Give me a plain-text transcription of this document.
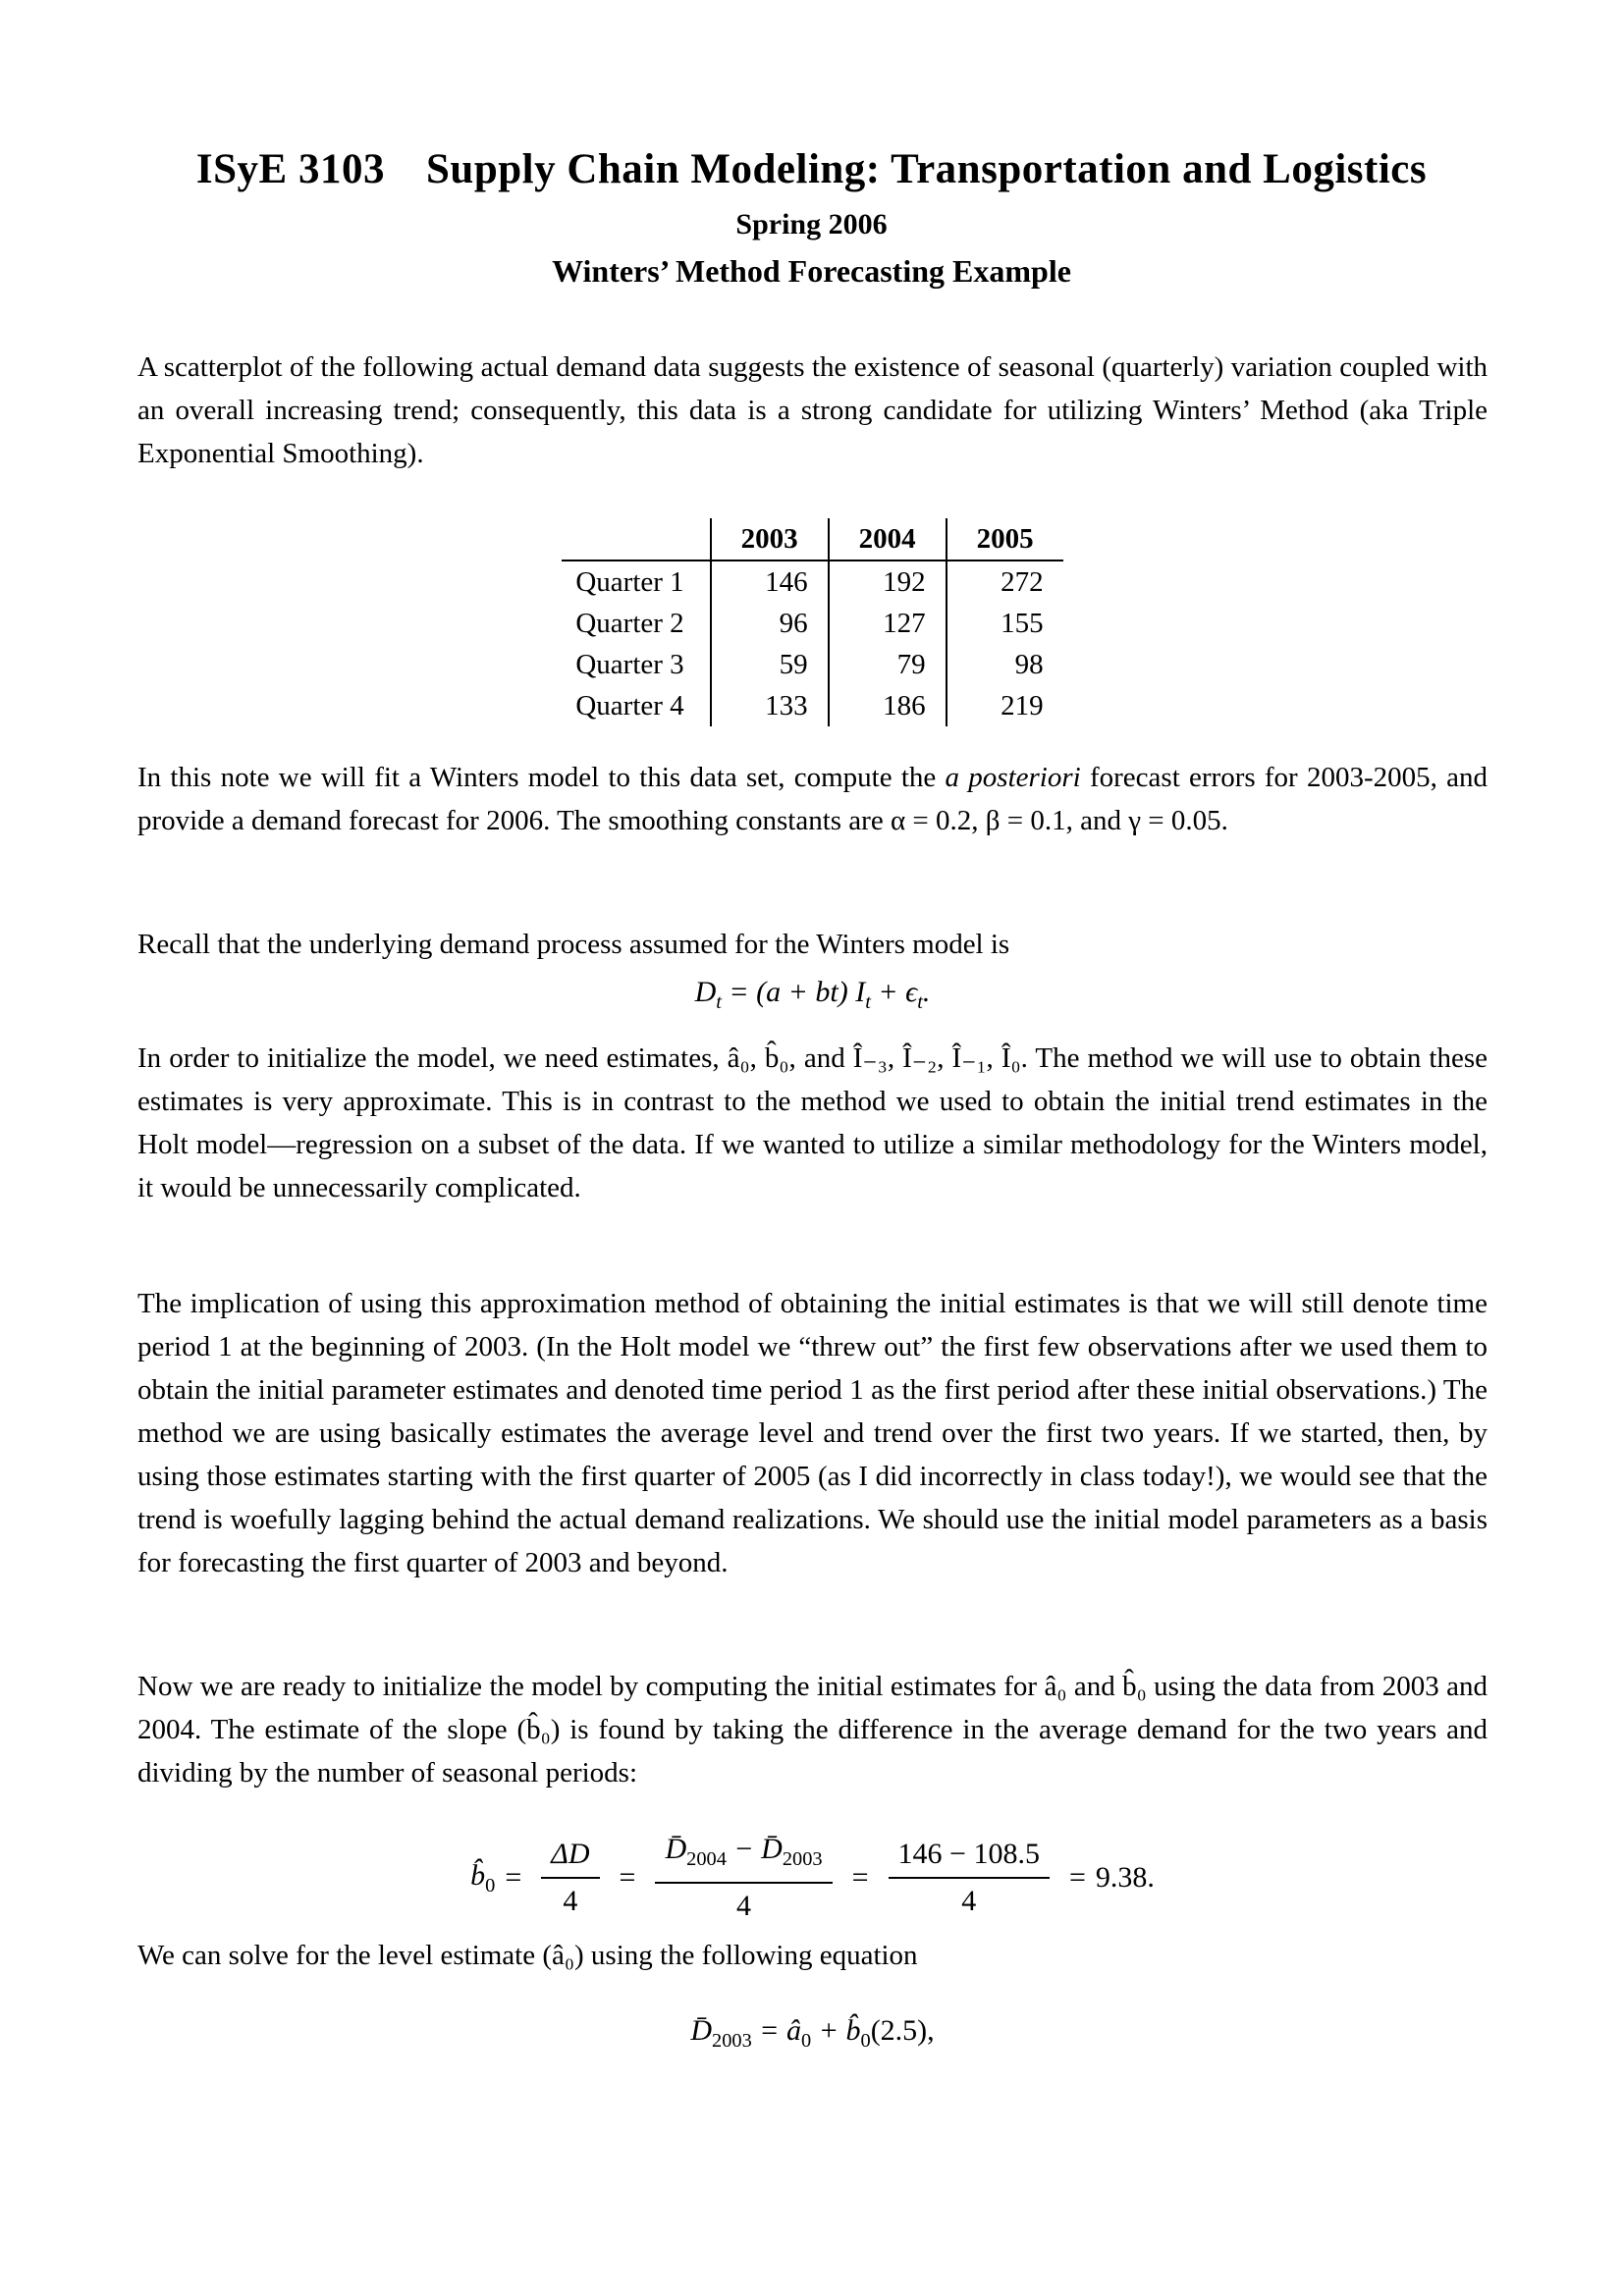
ISyE 3103 Supply Chain Modeling: Transportation and Logistics
Spring 2006
Winters’ Method Forecasting Example

A scatterplot of the following actual demand data suggests the existence of seasonal (quarterly) variation coupled with an overall increasing trend; consequently, this data is a strong candidate for utilizing Winters’ Method (aka Triple Exponential Smoothing).

	2003	2004	2005
Quarter 1	146	192	272
Quarter 2	96	127	155
Quarter 3	59	79	98
Quarter 4	133	186	219

In this note we will fit a Winters model to this data set, compute the a posteriori forecast errors for 2003-2005, and provide a demand forecast for 2006. The smoothing constants are α = 0.2, β = 0.1, and γ = 0.05.

Recall that the underlying demand process assumed for the Winters model is

$D_t = (a + bt) I_t + \epsilon_t$.

In order to initialize the model, we need estimates, â₀, b̂₀, and Î₋₃, Î₋₂, Î₋₁, Î₀. The method we will use to obtain these estimates is very approximate. This is in contrast to the method we used to obtain the initial trend estimates in the Holt model—regression on a subset of the data. If we wanted to utilize a similar methodology for the Winters model, it would be unnecessarily complicated.

The implication of using this approximation method of obtaining the initial estimates is that we will still denote time period 1 at the beginning of 2003. (In the Holt model we “threw out” the first few observations after we used them to obtain the initial parameter estimates and denoted time period 1 as the first period after these initial observations.) The method we are using basically estimates the average level and trend over the first two years. If we started, then, by using those estimates starting with the first quarter of 2005 (as I did incorrectly in class today!), we would see that the trend is woefully lagging behind the actual demand realizations. We should use the initial model parameters as a basis for forecasting the first quarter of 2003 and beyond.

Now we are ready to initialize the model by computing the initial estimates for â₀ and b̂₀ using the data from 2003 and 2004. The estimate of the slope (b̂₀) is found by taking the difference in the average demand for the two years and dividing by the number of seasonal periods:

$b̂_0 = \frac{\Delta D}{4} = \frac{D̄_{2004} - D̄_{2003}}{4} = \frac{146 - 108.5}{4} = 9.38$.

We can solve for the level estimate (â₀) using the following equation

$D̄_{2003}$ = $â_0$ + $b̂_0(2.5)$,
